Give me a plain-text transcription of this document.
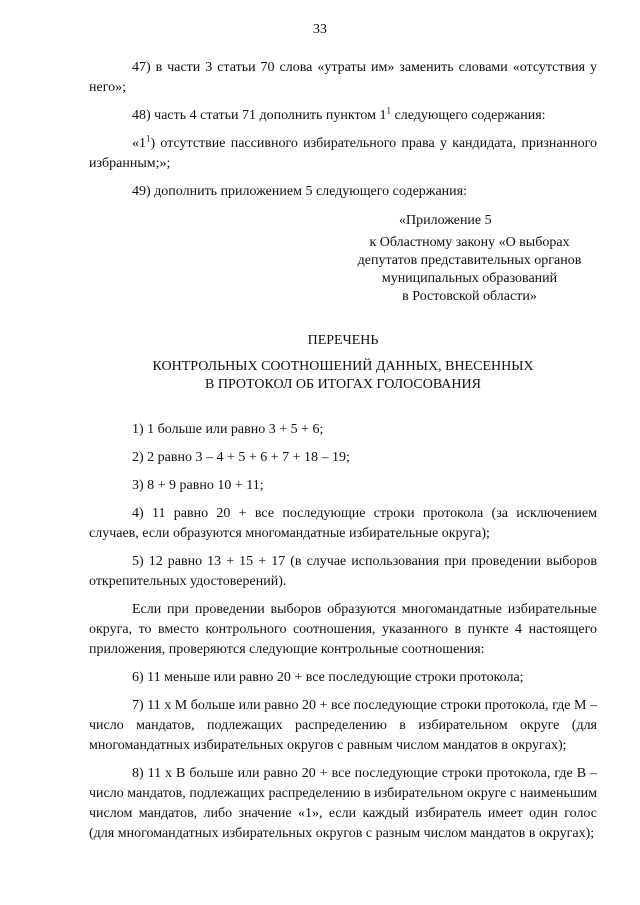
33

47) в части 3 статьи 70 слова «утраты им» заменить словами «отсутствия у него»;

48) часть 4 статьи 71 дополнить пунктом $1^1$ следующего содержания:

«$1^1$) отсутствие пассивного избирательного права у кандидата, признанного избранным;»;

49) дополнить приложением 5 следующего содержания:

«Приложение 5
к Областному закону «О выборах
депутатов представительных органов
муниципальных образований
в Ростовской области»
ПЕРЕЧЕНЬ
КОНТРОЛЬНЫХ СООТНОШЕНИЙ ДАННЫХ, ВНЕСЕННЫХ
В ПРОТОКОЛ ОБ ИТОГАХ ГОЛОСОВАНИЯ

1) 1 больше или равно 3 + 5 + 6;

2) 2 равно 3 – 4 + 5 + 6 + 7 + 18 – 19;

3) 8 + 9 равно 10 + 11;

4) 11 равно 20 + все последующие строки протокола (за исключением случаев, если образуются многомандатные избирательные округа);

5) 12 равно 13 + 15 + 17 (в случае использования при проведении выборов открепительных удостоверений).

Если при проведении выборов образуются многомандатные избирательные округа, то вместо контрольного соотношения, указанного в пункте 4 настоящего приложения, проверяются следующие контрольные соотношения:

6) 11 меньше или равно 20 + все последующие строки протокола;

7) 11 х М больше или равно 20 + все последующие строки протокола, где М – число мандатов, подлежащих распределению в избирательном округе (для многомандатных избирательных округов с равным числом мандатов в округах);

8) 11 х В больше или равно 20 + все последующие строки протокола, где В – число мандатов, подлежащих распределению в избирательном округе с наименьшим числом мандатов, либо значение «1», если каждый избиратель имеет один голос (для многомандатных избирательных округов с разным числом мандатов в округах);
